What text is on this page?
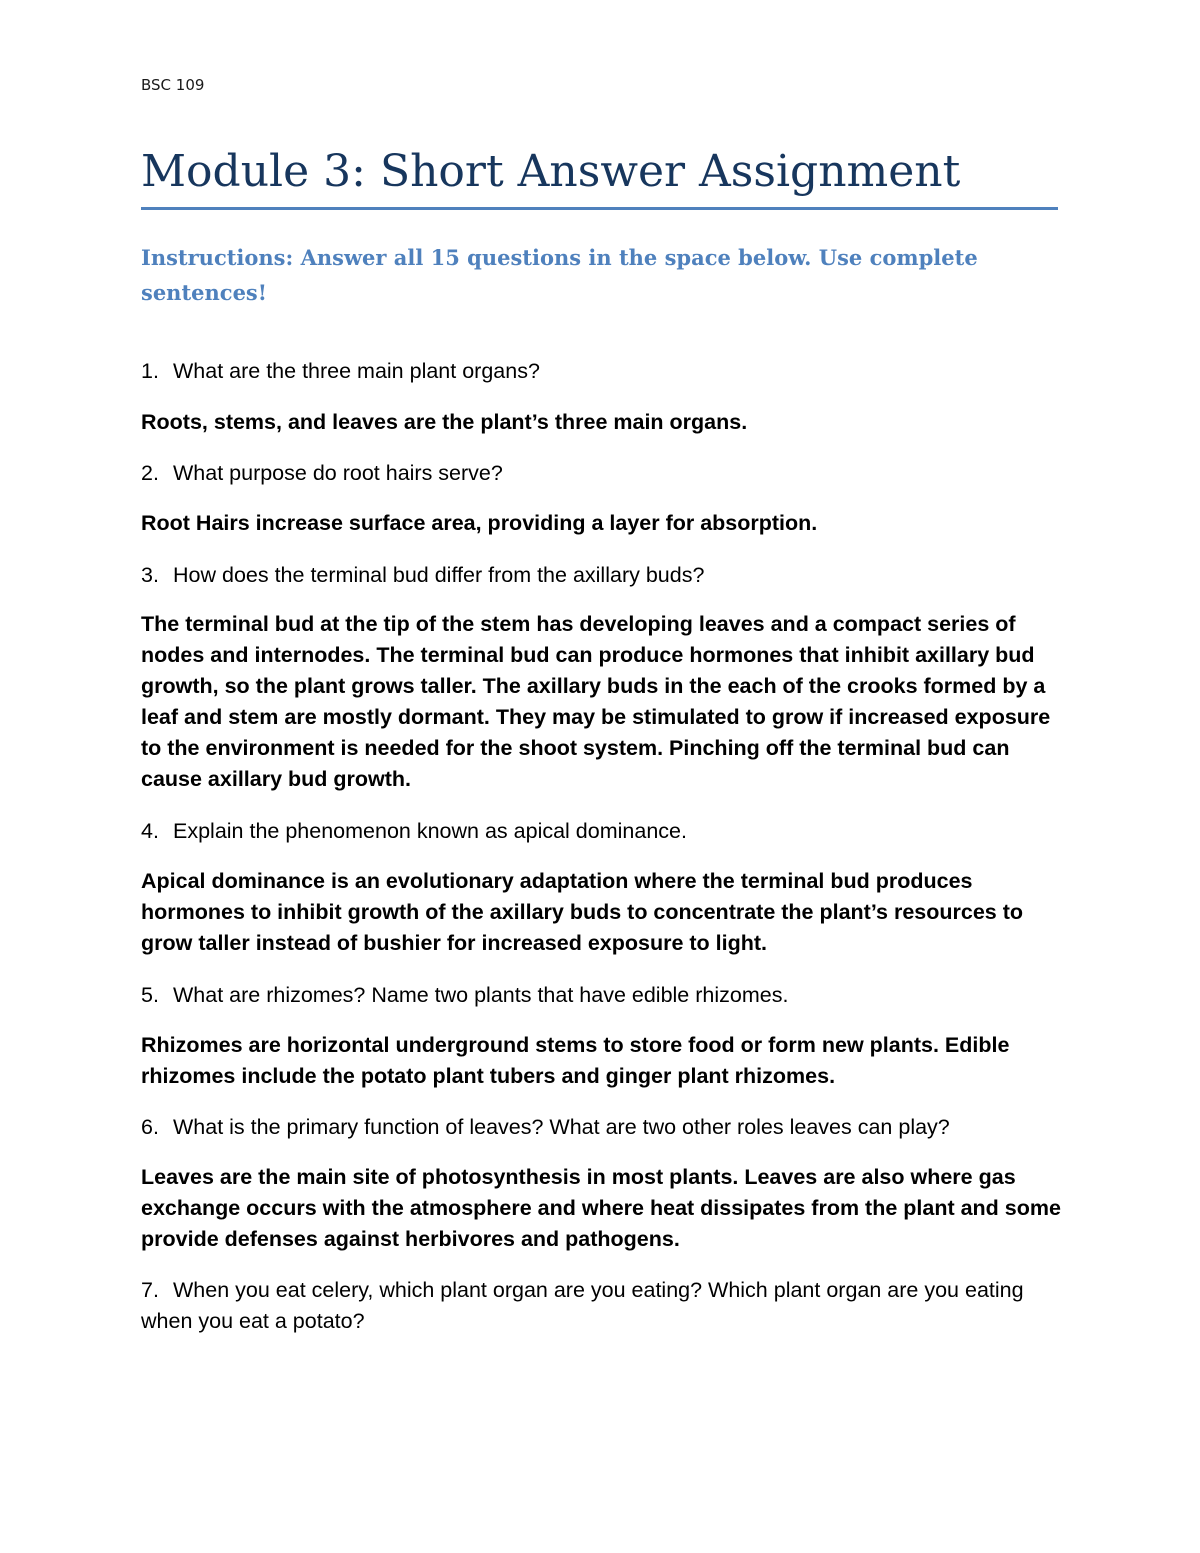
BSC 109
Module 3: Short Answer Assignment
Instructions: Answer all 15 questions in the space below. Use complete sentences!
1. What are the three main plant organs?
Roots, stems, and leaves are the plant’s three main organs.
2. What purpose do root hairs serve?
Root Hairs increase surface area, providing a layer for absorption.
3. How does the terminal bud differ from the axillary buds?
The terminal bud at the tip of the stem has developing leaves and a compact series of nodes and internodes. The terminal bud can produce hormones that inhibit axillary bud growth, so the plant grows taller. The axillary buds in the each of the crooks formed by a leaf and stem are mostly dormant. They may be stimulated to grow if increased exposure to the environment is needed for the shoot system. Pinching off the terminal bud can cause axillary bud growth.
4. Explain the phenomenon known as apical dominance.
Apical dominance is an evolutionary adaptation where the terminal bud produces hormones to inhibit growth of the axillary buds to concentrate the plant’s resources to grow taller instead of bushier for increased exposure to light.
5. What are rhizomes? Name two plants that have edible rhizomes.
Rhizomes are horizontal underground stems to store food or form new plants. Edible rhizomes include the potato plant tubers and ginger plant rhizomes.
6. What is the primary function of leaves? What are two other roles leaves can play?
Leaves are the main site of photosynthesis in most plants. Leaves are also where gas exchange occurs with the atmosphere and where heat dissipates from the plant and some provide defenses against herbivores and pathogens.
7. When you eat celery, which plant organ are you eating? Which plant organ are you eating when you eat a potato?
